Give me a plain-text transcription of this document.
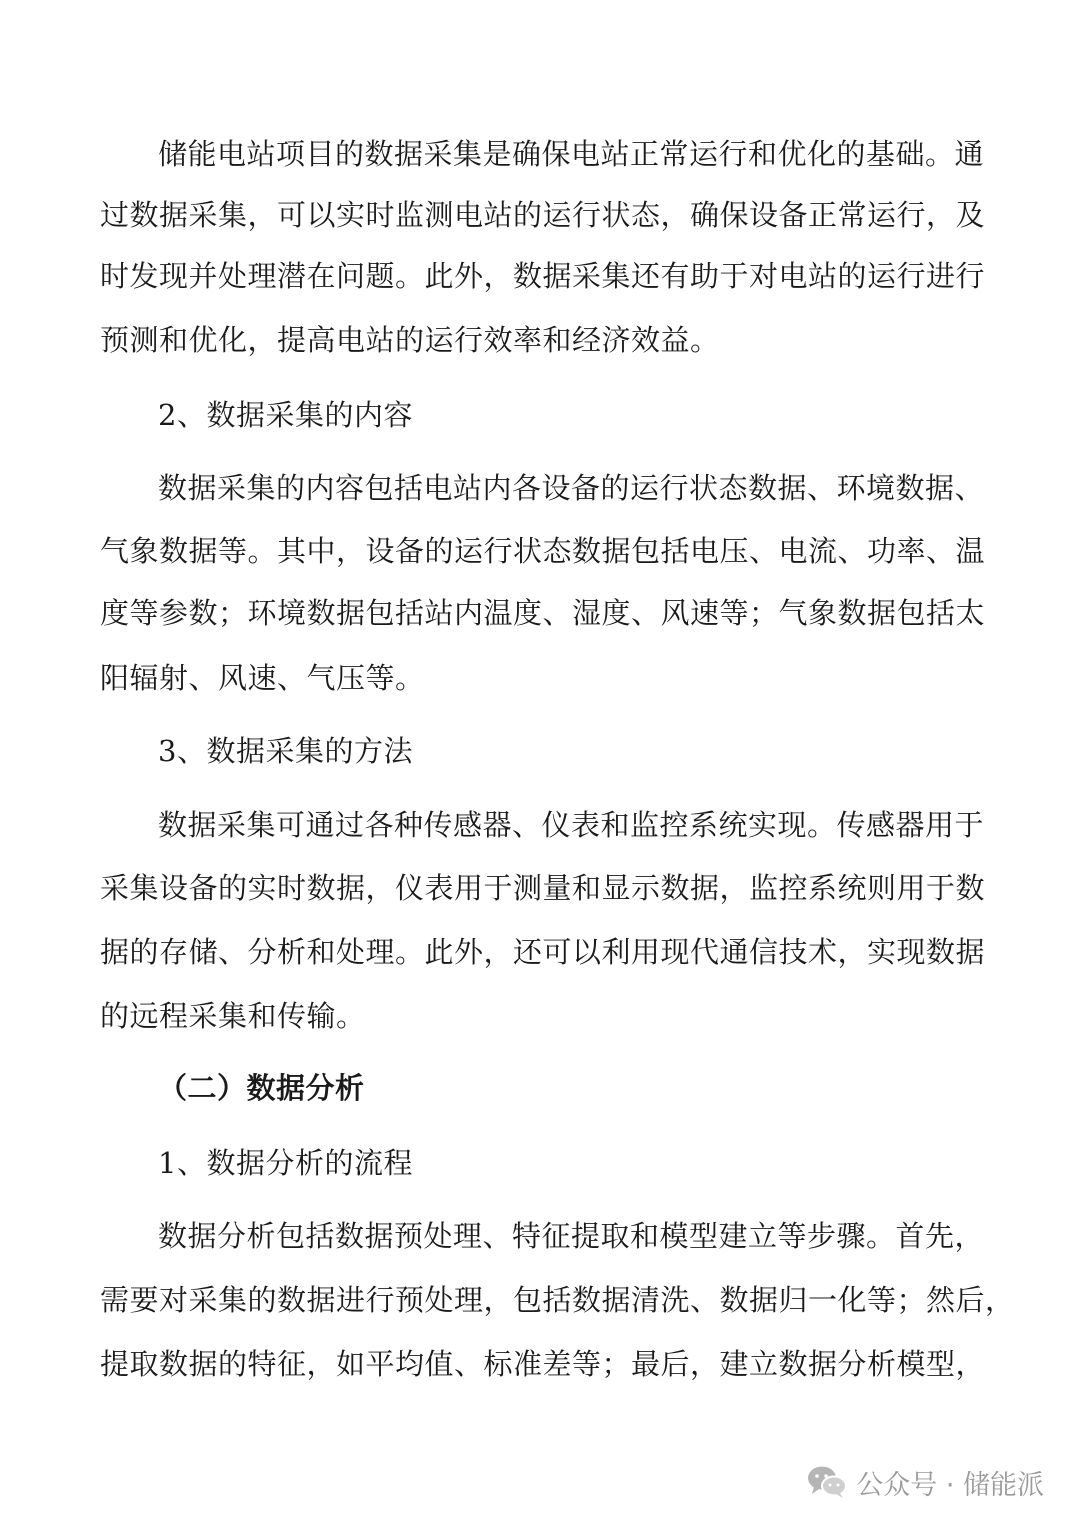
储能电站项目的数据采集是确保电站正常运行和优化的基础。通
过数据采集，可以实时监测电站的运行状态，确保设备正常运行，及
时发现并处理潜在问题。此外，数据采集还有助于对电站的运行进行
预测和优化，提高电站的运行效率和经济效益。
2、数据采集的内容
数据采集的内容包括电站内各设备的运行状态数据、环境数据、
气象数据等。其中，设备的运行状态数据包括电压、电流、功率、温
度等参数；环境数据包括站内温度、湿度、风速等；气象数据包括太
阳辐射、风速、气压等。
3、数据采集的方法
数据采集可通过各种传感器、仪表和监控系统实现。传感器用于
采集设备的实时数据，仪表用于测量和显示数据，监控系统则用于数
据的存储、分析和处理。此外，还可以利用现代通信技术，实现数据
的远程采集和传输。
（二）数据分析
1、数据分析的流程
数据分析包括数据预处理、特征提取和模型建立等步骤。首先，
需要对采集的数据进行预处理，包括数据清洗、数据归一化等；然后，
提取数据的特征，如平均值、标准差等；最后，建立数据分析模型，
公众号 · 储能派
